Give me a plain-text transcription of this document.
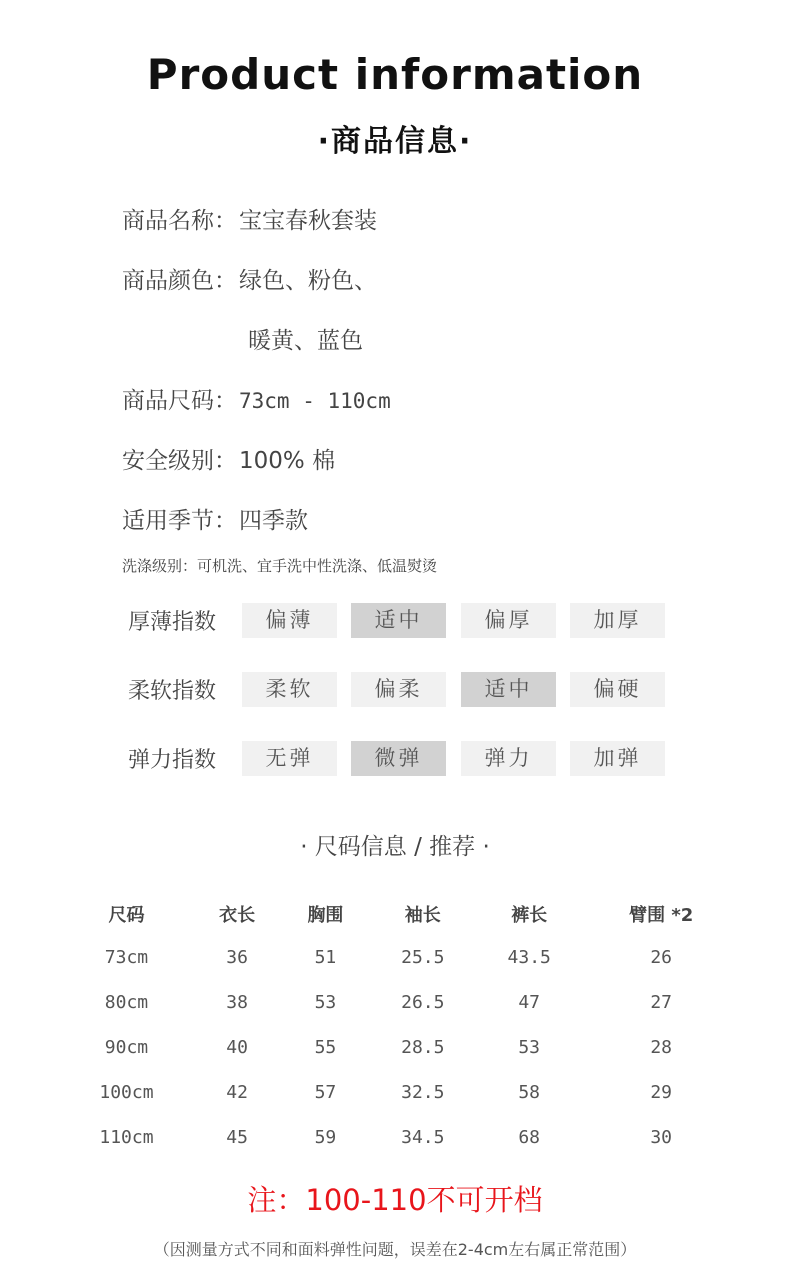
Product information
·商品信息·
商品名称：宝宝春秋套装
商品颜色：绿色、粉色、
暖黄、蓝色
商品尺码：73cm - 110cm
安全级别：100% 棉
适用季节：四季款
洗涤级别：可机洗、宜手洗中性洗涤、低温熨烫
厚薄指数	偏薄	适中	偏厚	加厚
柔软指数	柔软	偏柔	适中	偏硬
弹力指数	无弹	微弹	弹力	加弹
· 尺码信息 / 推荐 ·
尺码	衣长	胸围	袖长	裤长	臂围 *2
73cm	36	51	25.5	43.5	26
80cm	38	53	26.5	47	27
90cm	40	55	28.5	53	28
100cm	42	57	32.5	58	29
110cm	45	59	34.5	68	30
注：100-110不可开档
（因测量方式不同和面料弹性问题，误差在2-4cm左右属正常范围）
